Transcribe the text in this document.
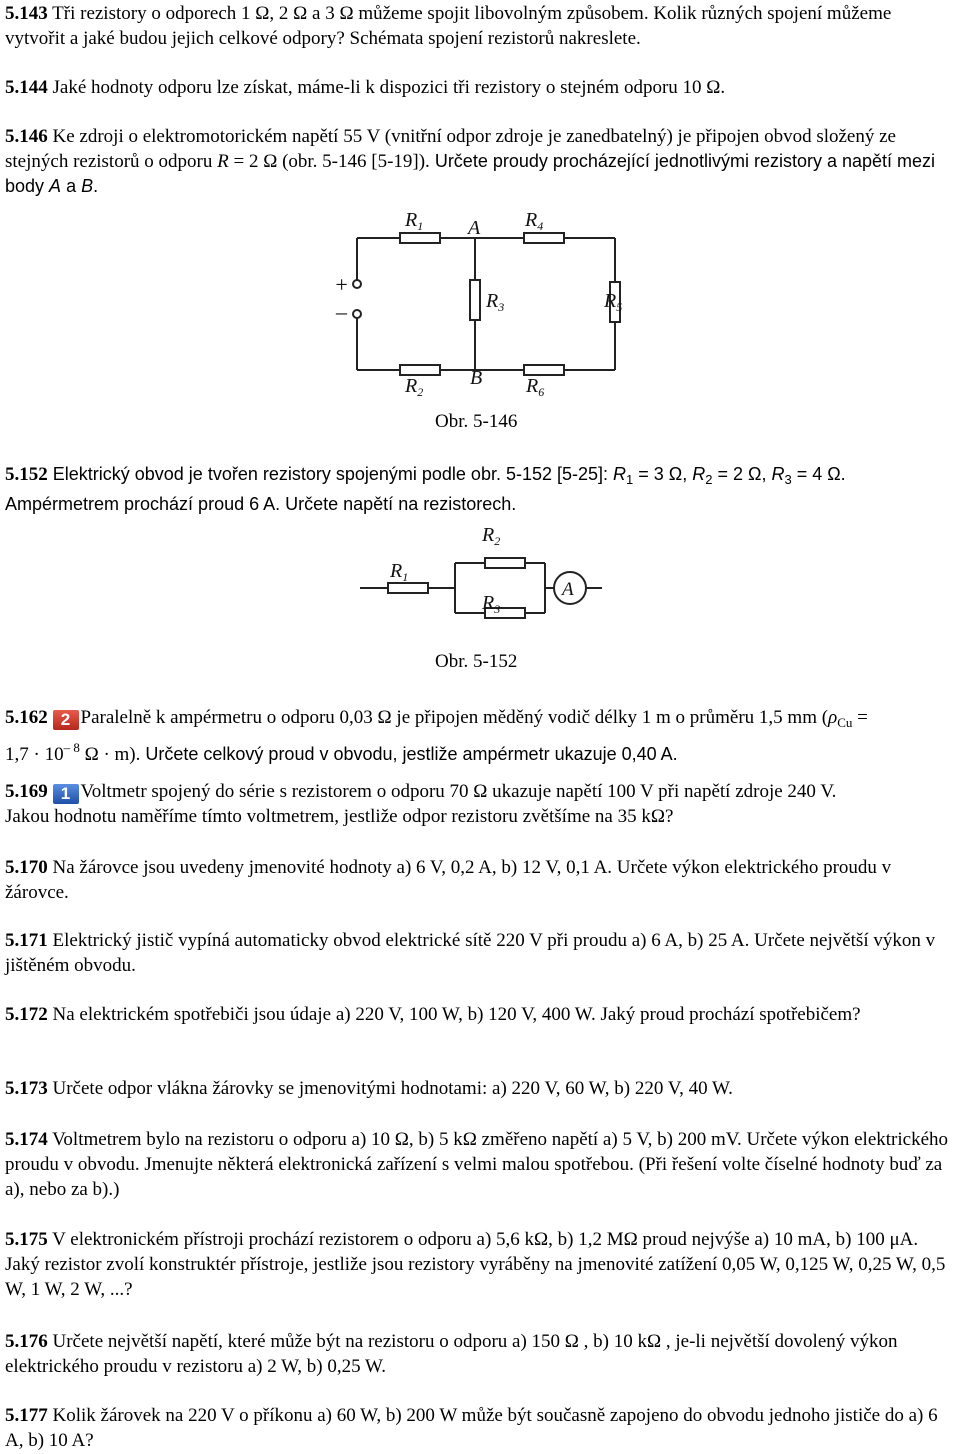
5.143 Tři rezistory o odporech 1 Ω, 2 Ω a 3 Ω můžeme spojit libovolným způsobem. Kolik různých spojení můžeme vytvořit a jaké budou jejich celkové odpory? Schémata spojení rezistorů nakreslete.

5.144 Jaké hodnoty odporu lze získat, máme-li k dispozici tři rezistory o stejném odporu 10 Ω.

5.146 Ke zdroji o elektromotorickém napětí 55 V (vnitřní odpor zdroje je zanedbatelný) je připojen obvod složený ze stejných rezistorů o odporu R = 2 Ω (obr. 5-146 [5-19]). Určete proudy procházející jednotlivými rezistory a napětí mezi body A a B.

$R_1$ A $R_4$
$R_3$	$R_5$
$R_2$
B $R_6$
+
–
Obr. 5-146

5.152 Elektrický obvod je tvořen rezistory spojenými podle obr. 5-152 [5-25]: $R_1 = 3$ Ω, $R_2 = 2$ Ω, $R_3 = 4$ Ω.
Ampérmetrem prochází proud 6 A. Určete napětí na rezistorech.

$R_1$
$R_2$
$R_3$
A
Obr. 5-152

5.162 2 Paralelně k ampérmetru o odporu 0,03 Ω je připojen měděný vodič délky 1 m o průměru 1,5 mm ($\rho_{Cu}$ =
$1,7 \cdot 10^{- 8}$ Ω · m). Určete celkový proud v obvodu, jestliže ampérmetr ukazuje 0,40 A.

5.169 1 Voltmetr spojený do série s rezistorem o odporu 70 Ω ukazuje napětí 100 V při napětí zdroje 240 V.
Jakou hodnotu naměříme tímto voltmetrem, jestliže odpor rezistoru zvětšíme na 35 kΩ?

5.170 Na žárovce jsou uvedeny jmenovité hodnoty a) 6 V, 0,2 A, b) 12 V, 0,1 A. Určete výkon elektrického proudu v žárovce.

5.171 Elektrický jistič vypíná automaticky obvod elektrické sítě 220 V při proudu a) 6 A, b) 25 A. Určete největší výkon v jištěném obvodu.

5.172 Na elektrickém spotřebiči jsou údaje a) 220 V, 100 W, b) 120 V, 400 W. Jaký proud prochází spotřebičem?

5.173 Určete odpor vlákna žárovky se jmenovitými hodnotami: a) 220 V, 60 W, b) 220 V, 40 W.

5.174 Voltmetrem bylo na rezistoru o odporu a) 10 Ω, b) 5 kΩ změřeno napětí a) 5 V, b) 200 mV. Určete výkon elektrického proudu v obvodu. Jmenujte některá elektronická zařízení s velmi malou spotřebou. (Při řešení volte číselné hodnoty buď za a), nebo za b).)

5.175 V elektronickém přístroji prochází rezistorem o odporu a) 5,6 kΩ, b) 1,2 MΩ proud nejvýše a) 10 mA, b) 100 μA. Jaký rezistor zvolí konstruktér přístroje, jestliže jsou rezistory vyráběny na jmenovité zatížení 0,05 W, 0,125 W, 0,25 W, 0,5 W, 1 W, 2 W, ...?

5.176 Určete největší napětí, které může být na rezistoru o odporu a) 150 Ω , b) 10 kΩ , je-li největší dovolený výkon elektrického proudu v rezistoru a) 2 W, b) 0,25 W.

5.177 Kolik žárovek na 220 V o příkonu a) 60 W, b) 200 W může být současně zapojeno do obvodu jednoho jističe do a) 6 A, b) 10 A?
